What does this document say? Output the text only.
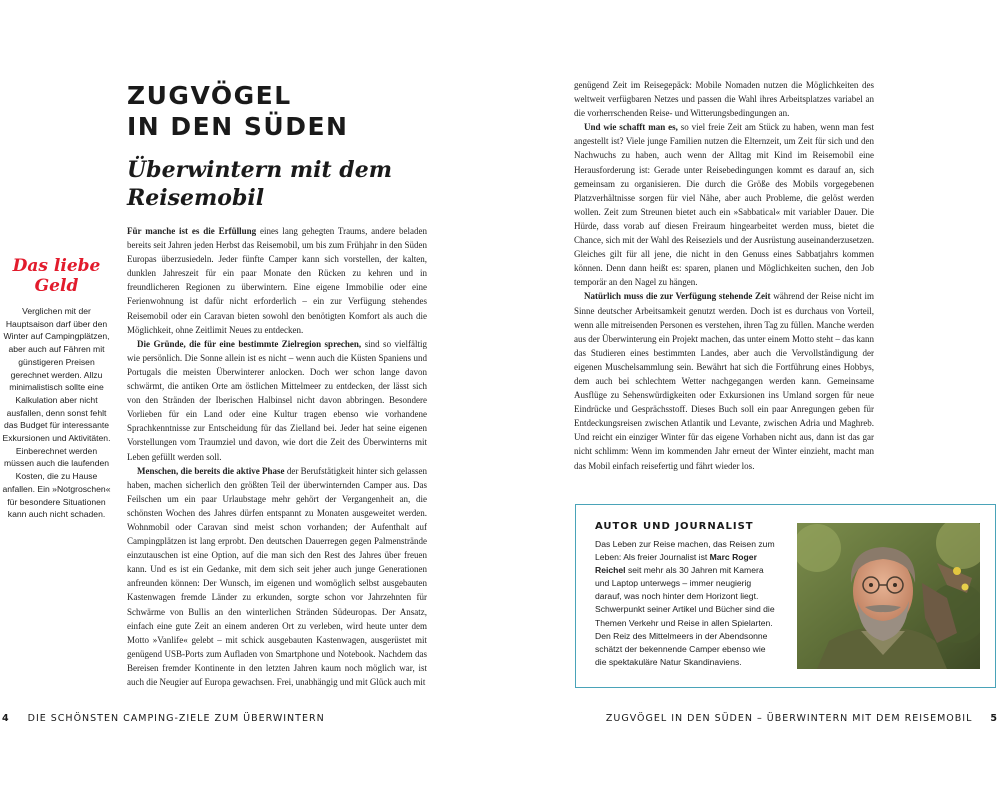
ZUGVÖGEL
IN DEN SÜDEN
Überwintern mit dem
Reisemobil
Das liebe
Geld
Verglichen mit der Hauptsaison darf über den Winter auf Campingplätzen, aber auch auf Fähren mit günstigeren Preisen gerechnet werden. Allzu minimalistisch sollte eine Kalkulation aber nicht ausfallen, denn sonst fehlt das Budget für interessante Exkursionen und Aktivitäten. Einberechnet werden müssen auch die laufenden Kosten, die zu Hause anfallen. Ein »Notgroschen« für besondere Situationen kann auch nicht schaden.

Für manche ist es die Erfüllung eines lang gehegten Traums, andere beladen bereits seit Jahren jeden Herbst das Reisemobil, um bis zum Frühjahr in den Süden Europas überzusiedeln. Jeder fünfte Camper kann sich vorstellen, der kalten, dunklen Jahreszeit für ein paar Monate den Rücken zu kehren und in freundlicheren Regionen zu überwintern. Eine eigene Immobilie oder eine Ferienwohnung ist dafür nicht erforderlich – ein zur Verfügung stehendes Reisemobil oder ein Caravan bieten sowohl den benötigten Komfort als auch die Möglichkeit, ohne Zeitlimit Neues zu entdecken.

Die Gründe, die für eine bestimmte Zielregion sprechen, sind so vielfältig wie persönlich. Die Sonne allein ist es nicht – wenn auch die Küsten Spaniens und Portugals die meisten Überwinterer anlocken. Doch wer schon lange davon schwärmt, die antiken Orte am östlichen Mittelmeer zu entdecken, der lässt sich von den Stränden der Iberischen Halbinsel nicht davon abbringen. Besondere Vorlieben für ein Land oder eine Kultur tragen ebenso wie vorhandene Sprachkenntnisse zur Entscheidung für das Zielland bei. Jeder hat seine eigenen Vorstellungen vom Traumziel und davon, wie dort die Zeit des Überwinterns mit Leben gefüllt werden soll.

Menschen, die bereits die aktive Phase der Berufstätigkeit hinter sich gelassen haben, machen sicherlich den größten Teil der überwinternden Camper aus. Das Feilschen um ein paar Urlaubstage mehr gehört der Vergangenheit an, die schönsten Wochen des Jahres dürfen entspannt zu Monaten ausgeweitet werden. Wohnmobil oder Caravan sind meist schon vorhanden; der Aufenthalt auf Campingplätzen ist lang erprobt. Den deutschen Dauerregen gegen Palmenstrände einzutauschen ist eine Option, auf die man sich den Rest des Jahres über freuen kann. Und es ist ein Gedanke, mit dem sich seit jeher auch junge Generationen anfreunden können: Der Wunsch, im eigenen und womöglich selbst ausgebauten Kastenwagen fremde Länder zu erkunden, sorgte schon vor Jahrzehnten für Schwärme von Bullis an den winterlichen Stränden Südeuropas. Der Ansatz, einfach eine gute Zeit an einem anderen Ort zu verleben, wird heute unter dem Motto »Vanlife« gelebt – mit schick ausgebauten Kastenwagen, ausgerüstet mit genügend USB-Ports zum Aufladen von Smartphone und Notebook. Nachdem das Bereisen fremder Kontinente in den letzten Jahren kaum noch möglich war, ist auch die Neugier auf Europa gewachsen. Frei, unabhängig und mit Glück auch mit

4 DIE SCHÖNSTEN CAMPING-ZIELE ZUM ÜBERWINTERN

genügend Zeit im Reisegepäck: Mobile Nomaden nutzen die Möglichkeiten des weltweit verfügbaren Netzes und passen die Wahl ihres Arbeitsplatzes variabel an die vorherrschenden Reise- und Witterungsbedingungen an.

Und wie schafft man es, so viel freie Zeit am Stück zu haben, wenn man fest angestellt ist? Viele junge Familien nutzen die Elternzeit, um Zeit für sich und den Nachwuchs zu haben, auch wenn der Alltag mit Kind im Reisemobil eine Herausforderung ist: Gerade unter Reisebedingungen kommt es darauf an, sich gemeinsam zu organisieren. Die durch die Größe des Mobils vorgegebenen Platzverhältnisse sorgen für viel Nähe, aber auch Probleme, die gelöst werden wollen. Zeit zum Streunen bietet auch ein »Sabbatical« mit variabler Dauer. Die Hürde, dass vorab auf diesen Freiraum hingearbeitet werden muss, bietet die Chance, sich mit der Wahl des Reiseziels und der Ausrüstung auseinanderzusetzen. Gleiches gilt für all jene, die nicht in den Genuss eines Sabbatjahrs kommen können. Denn dann heißt es: sparen, planen und Möglichkeiten suchen, den Job temporär an den Nagel zu hängen.

Natürlich muss die zur Verfügung stehende Zeit während der Reise nicht im Sinne deutscher Arbeitsamkeit genutzt werden. Doch ist es durchaus von Vorteil, wenn alle mitreisenden Personen es verstehen, ihren Tag zu füllen. Manche werden aus der Überwinterung ein Projekt machen, das unter einem Motto steht – das kann das Studieren eines bestimmten Landes, aber auch die Vervollständigung der eigenen Muschelsammlung sein. Bewährt hat sich die Fortführung eines Hobbys, dem auch bei schlechtem Wetter nachgegangen werden kann. Gemeinsame Ausflüge zu Sehenswürdigkeiten oder Exkursionen ins Umland sorgen für neue Eindrücke und Gesprächsstoff. Dieses Buch soll ein paar Anregungen geben für Entdeckungsreisen zwischen Atlantik und Levante, zwischen Adria und Maghreb. Und reicht ein einziger Winter für das eigene Vorhaben nicht aus, dann ist das gar nicht schlimm: Wenn im kommenden Jahr erneut der Winter einzieht, macht man das Mobil einfach reisefertig und fährt wieder los.

AUTOR UND JOURNALIST

Das Leben zur Reise machen, das Reisen zum Leben: Als freier Journalist ist Marc Roger Reichel seit mehr als 30 Jahren mit Kamera und Laptop unterwegs – immer neugierig darauf, was noch hinter dem Horizont liegt. Schwerpunkt seiner Artikel und Bücher sind die Themen Verkehr und Reise in allen Spielarten. Den Reiz des Mittelmeers in der Abendsonne schätzt der bekennende Camper ebenso wie die spektakuläre Natur Skandinaviens.

ZUGVÖGEL IN DEN SÜDEN – ÜBERWINTERN MIT DEM REISEMOBIL 5
